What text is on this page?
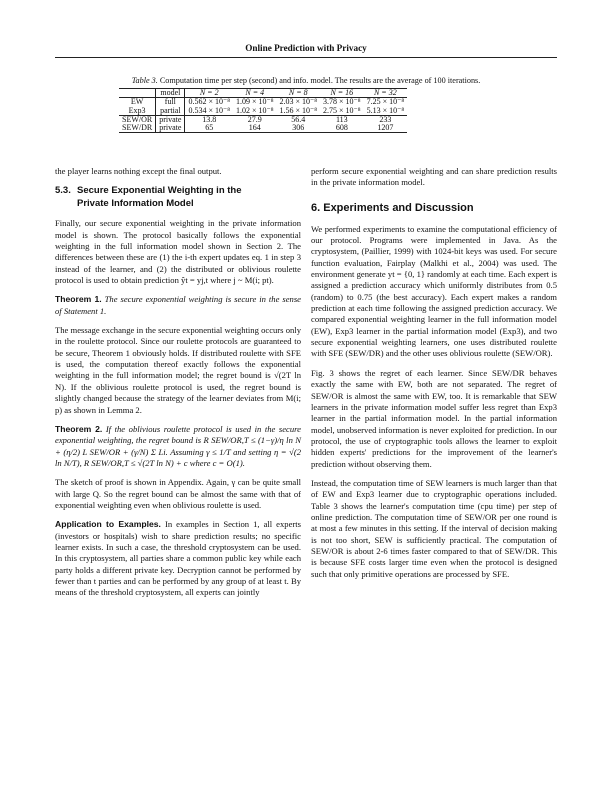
Online Prediction with Privacy
Table 3. Computation time per step (second) and info. model. The results are the average of 100 iterations.
	model	N = 2	N = 4	N = 8	N = 16	N = 32
EW	full	0.562 × 10⁻⁸	1.09 × 10⁻⁸	2.03 × 10⁻⁸	3.78 × 10⁻⁸	7.25 × 10⁻⁸
Exp3	partial	0.534 × 10⁻⁸	1.02 × 10⁻⁸	1.56 × 10⁻⁸	2.75 × 10⁻⁸	5.13 × 10⁻⁸
SEW/OR	private	13.8	27.9	56.4	113	233
SEW/DR	private	65	164	306	608	1207

the player learns nothing except the final output.

5.3. Secure Exponential Weighting in the
Private Information Model

Finally, our secure exponential weighting in the private information model is shown. The protocol basically follows the exponential weighting in the full information model shown in Section 2. The differences between these are (1) the i-th expert updates eq. 1 in step 3 instead of the learner, and (2) the distributed or oblivious roulette protocol is used to obtain prediction ŷt = yj,t where j ~ M(i; pt).

Theorem 1. The secure exponential weighting is secure in the sense of Statement 1.

The message exchange in the secure exponential weighting occurs only in the roulette protocol. Since our roulette protocols are guaranteed to be secure, Theorem 1 obviously holds. If distributed roulette with SFE is used, the computation thereof exactly follows the exponential weighting in the full information model; the regret bound is √(2T ln N). If the oblivious roulette protocol is used, the regret bound is slightly changed because the strategy of the learner deviates from M(i; p) as shown in Lemma 2.

Theorem 2. If the oblivious roulette protocol is used in the secure exponential weighting, the regret bound is R SEW/OR,T ≤ (1−γ)/η ln N + (η/2) L SEW/OR + (γ/N) Σ Li. Assuming γ ≤ 1/T and setting η = √(2 ln N/T), R SEW/OR,T ≤ √(2T ln N) + c where c = O(1).

The sketch of proof is shown in Appendix. Again, γ can be quite small with large Q. So the regret bound can be almost the same with that of exponential weighting even when oblivious roulette is used.

Application to Examples. In examples in Section 1, all experts (investors or hospitals) wish to share prediction results; no specific learner exists. In such a case, the threshold cryptosystem can be used. In this cryptosystem, all parties share a common public key while each party holds a different private key. Decryption cannot be performed by fewer than t parties and can be performed by any group of at least t. By means of the threshold cryptosystem, all experts can jointly

perform secure exponential weighting and can share prediction results in the private information model.

6. Experiments and Discussion

We performed experiments to examine the computational efficiency of our protocol. Programs were implemented in Java. As the cryptosystem, (Paillier, 1999) with 1024-bit keys was used. For secure function evaluation, Fairplay (Malkhi et al., 2004) was used. The environment generate yt = {0, 1} randomly at each time. Each expert is assigned a prediction accuracy which uniformly distributes from 0.5 (random) to 0.75 (the best accuracy). Each expert makes a random prediction at each time following the assigned prediction accuracy. We compared exponential weighting learner in the full information model (EW), Exp3 learner in the partial information model (Exp3), and two secure exponential weighting learners, one uses distributed roulette with SFE (SEW/DR) and the other uses oblivious roulette (SEW/OR).

Fig. 3 shows the regret of each learner. Since SEW/DR behaves exactly the same with EW, both are not separated. The regret of SEW/OR is almost the same with EW, too. It is remarkable that SEW learners in the private information model suffer less regret than Exp3 learner in the partial information model. In the partial information model, unobserved information is never exploited for prediction. In our protocol, the use of cryptographic tools allows the learner to exploit hidden experts' predictions for the improvement of the learner's prediction without observing them.

Instead, the computation time of SEW learners is much larger than that of EW and Exp3 learner due to cryptographic operations included. Table 3 shows the learner's computation time (cpu time) per step of online prediction. The computation time of SEW/OR per one round is at most a few minutes in this setting. If the interval of decision making is not too short, SEW is sufficiently practical. The computation of SEW/OR is about 2-6 times faster compared to that of SEW/DR. This is because SFE costs larger time even when the protocol is designed such that only primitive operations are processed by SFE.
